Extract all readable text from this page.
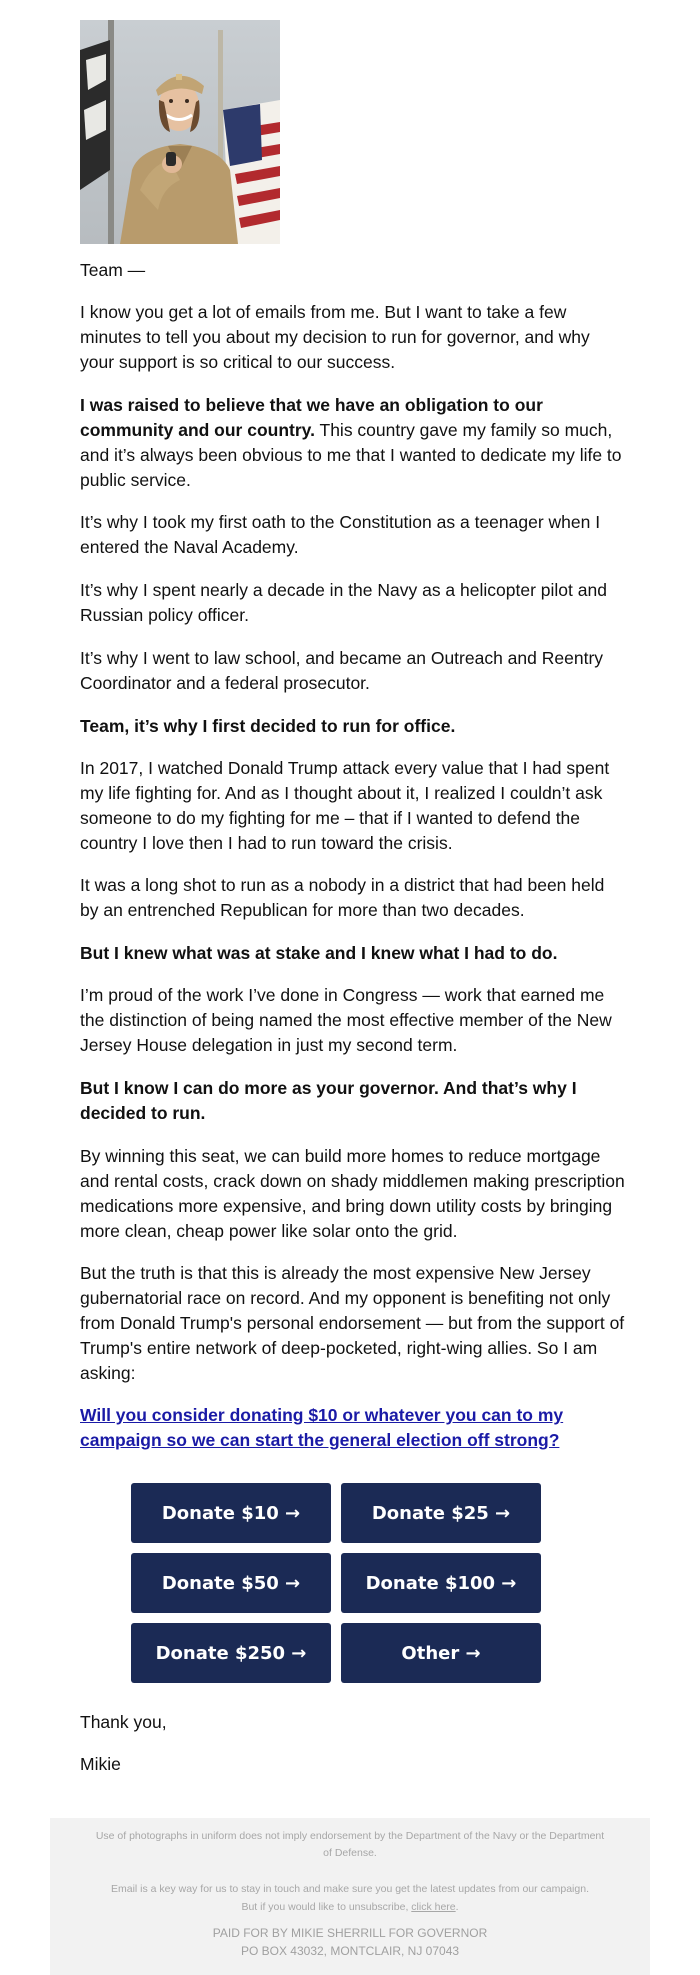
Team —

I know you get a lot of emails from me. But I want to take a few minutes to tell you about my decision to run for governor, and why your support is so critical to our success.

I was raised to believe that we have an obligation to our community and our country. This country gave my family so much, and it’s always been obvious to me that I wanted to dedicate my life to public service.

It’s why I took my first oath to the Constitution as a teenager when I entered the Naval Academy.

It’s why I spent nearly a decade in the Navy as a helicopter pilot and Russian policy officer.

It’s why I went to law school, and became an Outreach and Reentry Coordinator and a federal prosecutor.

Team, it’s why I first decided to run for office.

In 2017, I watched Donald Trump attack every value that I had spent my life fighting for. And as I thought about it, I realized I couldn’t ask someone to do my fighting for me – that if I wanted to defend the country I love then I had to run toward the crisis.

It was a long shot to run as a nobody in a district that had been held by an entrenched Republican for more than two decades.

But I knew what was at stake and I knew what I had to do.

I’m proud of the work I’ve done in Congress — work that earned me the distinction of being named the most effective member of the New Jersey House delegation in just my second term.

But I know I can do more as your governor. And that’s why I decided to run.

By winning this seat, we can build more homes to reduce mortgage and rental costs, crack down on shady middlemen making prescription medications more expensive, and bring down utility costs by bringing more clean, cheap power like solar onto the grid.

But the truth is that this is already the most expensive New Jersey gubernatorial race on record. And my opponent is benefiting not only from Donald Trump's personal endorsement — but from the support of Trump's entire network of deep-pocketed, right-wing allies. So I am asking:

Will you consider donating $10 or whatever you can to my campaign so we can start the general election off strong?

Donate $10 →	Donate $25 →
Donate $50 →	Donate $100 →
Donate $250 →	Other →

Thank you,

Mikie

Use of photographs in uniform does not imply endorsement by the Department of the Navy or the Department of Defense.

Email is a key way for us to stay in touch and make sure you get the latest updates from our campaign.

But if you would like to unsubscribe, click here.

PAID FOR BY MIKIE SHERRILL FOR GOVERNOR

PO BOX 43032, MONTCLAIR, NJ 07043
